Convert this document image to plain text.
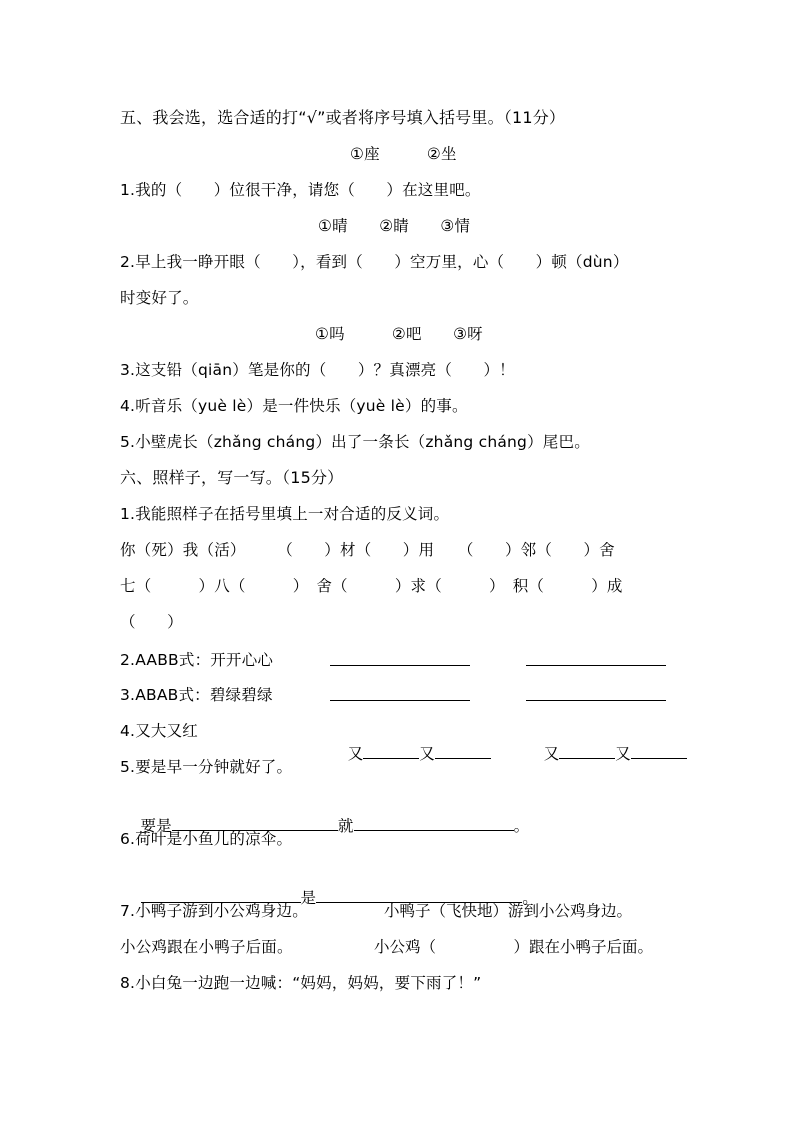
五、我会选，选合适的打“√”或者将序号填入括号里。（11分）
①座　　　②坐
1.我的（　　）位很干净，请您（　　）在这里吧。
①晴　　②睛　　③情
2.早上我一睁开眼（　　），看到（　　）空万里，心（　　）顿（dùn）
时变好了。
①吗　　　②吧　　③呀
3.这支铅（qiān）笔是你的（　　）？真漂亮（　　）！
4.听音乐（yuè lè）是一件快乐（yuè lè）的事。
5.小壁虎长（zhǎng cháng）出了一条长（zhǎng cháng）尾巴。
六、照样子，写一写。（15分）
1.我能照样子在括号里填上一对合适的反义词。
你（死）我（活）　　　（　　）材（　　）用　　（　　）邻（　　）舍
七（　　　）八（　　　）　舍（　　　）求（　　　）　积（　　　）成
（　　）
2.AABB式：开开心心
3.ABAB式：碧绿碧绿
4.又大又红

又	又
	又	又

5.要是早一分钟就好了。

要是	就	。

6.荷叶是小鱼儿的凉伞。

是	。

7.小鸭子游到小公鸡身边。	小鸭子（飞快地）游到小公鸡身边。
小公鸡跟在小鸭子后面。	小公鸡（　　　　　）跟在小鸭子后面。
8.小白兔一边跑一边喊：“妈妈，妈妈，要下雨了！”
